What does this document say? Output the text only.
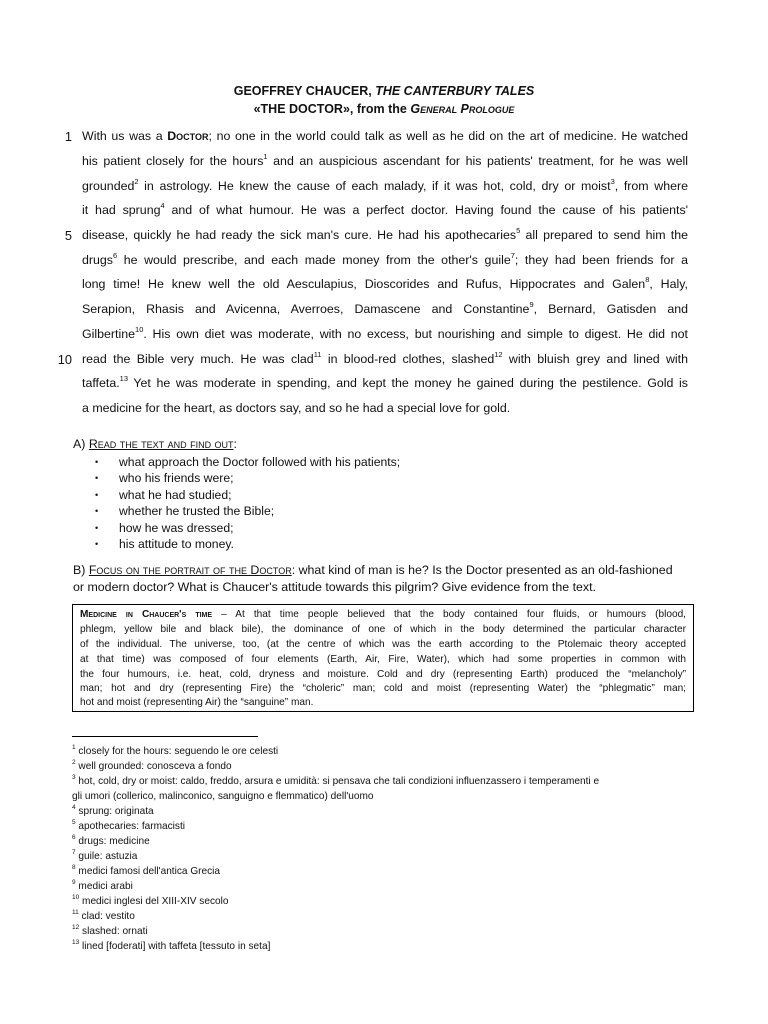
GEOFFREY CHAUCER, THE CANTERBURY TALES
«THE DOCTOR», from the General Prologue
1
5
10
With us was a Doctor; no one in the world could talk as well as he did on the art of medicine. He watched
his patient closely for the hours$^1$ and an auspicious ascendant for his patients' treatment, for he was well
grounded$^2$ in astrology. He knew the cause of each malady, if it was hot, cold, dry or moist$^3$, from where
it had sprung$^4$ and of what humour. He was a perfect doctor. Having found the cause of his patients'
disease, quickly he had ready the sick man's cure. He had his apothecaries$^5$ all prepared to send him the
drugs$^6$ he would prescribe, and each made money from the other's guile$^7$; they had been friends for a
long time! He knew well the old Aesculapius, Dioscorides and Rufus, Hippocrates and Galen$^8$, Haly,
Serapion, Rhasis and Avicenna, Averroes, Damascene and Constantine$^9$, Bernard, Gatisden and
Gilbertine$^{10}$. His own diet was moderate, with no excess, but nourishing and simple to digest. He did not
read the Bible very much. He was clad$^{11}$ in blood-red clothes, slashed$^{12}$ with bluish grey and lined with
taffeta.$^{13}$ Yet he was moderate in spending, and kept the money he gained during the pestilence. Gold is
a medicine for the heart, as doctors say, and so he had a special love for gold.
A) Read the text and find out:
• what approach the Doctor followed with his patients;
• who his friends were;
• what he had studied;
• whether he trusted the Bible;
• how he was dressed;
• his attitude to money.
B) Focus on the portrait of the Doctor: what kind of man is he? Is the Doctor presented as an old-fashioned
or modern doctor? What is Chaucer's attitude towards this pilgrim? Give evidence from the text.
Medicine in Chaucer's time – At that time people believed that the body contained four fluids, or humours (blood,
phlegm, yellow bile and black bile), the dominance of one of which in the body determined the particular character
of the individual. The universe, too, (at the centre of which was the earth according to the Ptolemaic theory accepted
at that time) was composed of four elements (Earth, Air, Fire, Water), which had some properties in common with
the four humours, i.e. heat, cold, dryness and moisture. Cold and dry (representing Earth) produced the “melancholy”
man; hot and dry (representing Fire) the “choleric” man; cold and moist (representing Water) the “phlegmatic” man;
hot and moist (representing Air) the “sanguine” man.
$^1$ closely for the hours: seguendo le ore celesti
$^2$ well grounded: conosceva a fondo
$^3$ hot, cold, dry or moist: caldo, freddo, arsura e umidità: si pensava che tali condizioni influenzassero i temperamenti e
gli umori (collerico, malinconico, sanguigno e flemmatico) dell'uomo
$^4$ sprung: originata
$^5$ apothecaries: farmacisti
$^6$ drugs: medicine
$^7$ guile: astuzia
$^8$ medici famosi dell'antica Grecia
$^9$ medici arabi
$^{10}$ medici inglesi del XIII-XIV secolo
$^{11}$ clad: vestito
$^{12}$ slashed: ornati
$^{13}$ lined [foderati] with taffeta [tessuto in seta]
